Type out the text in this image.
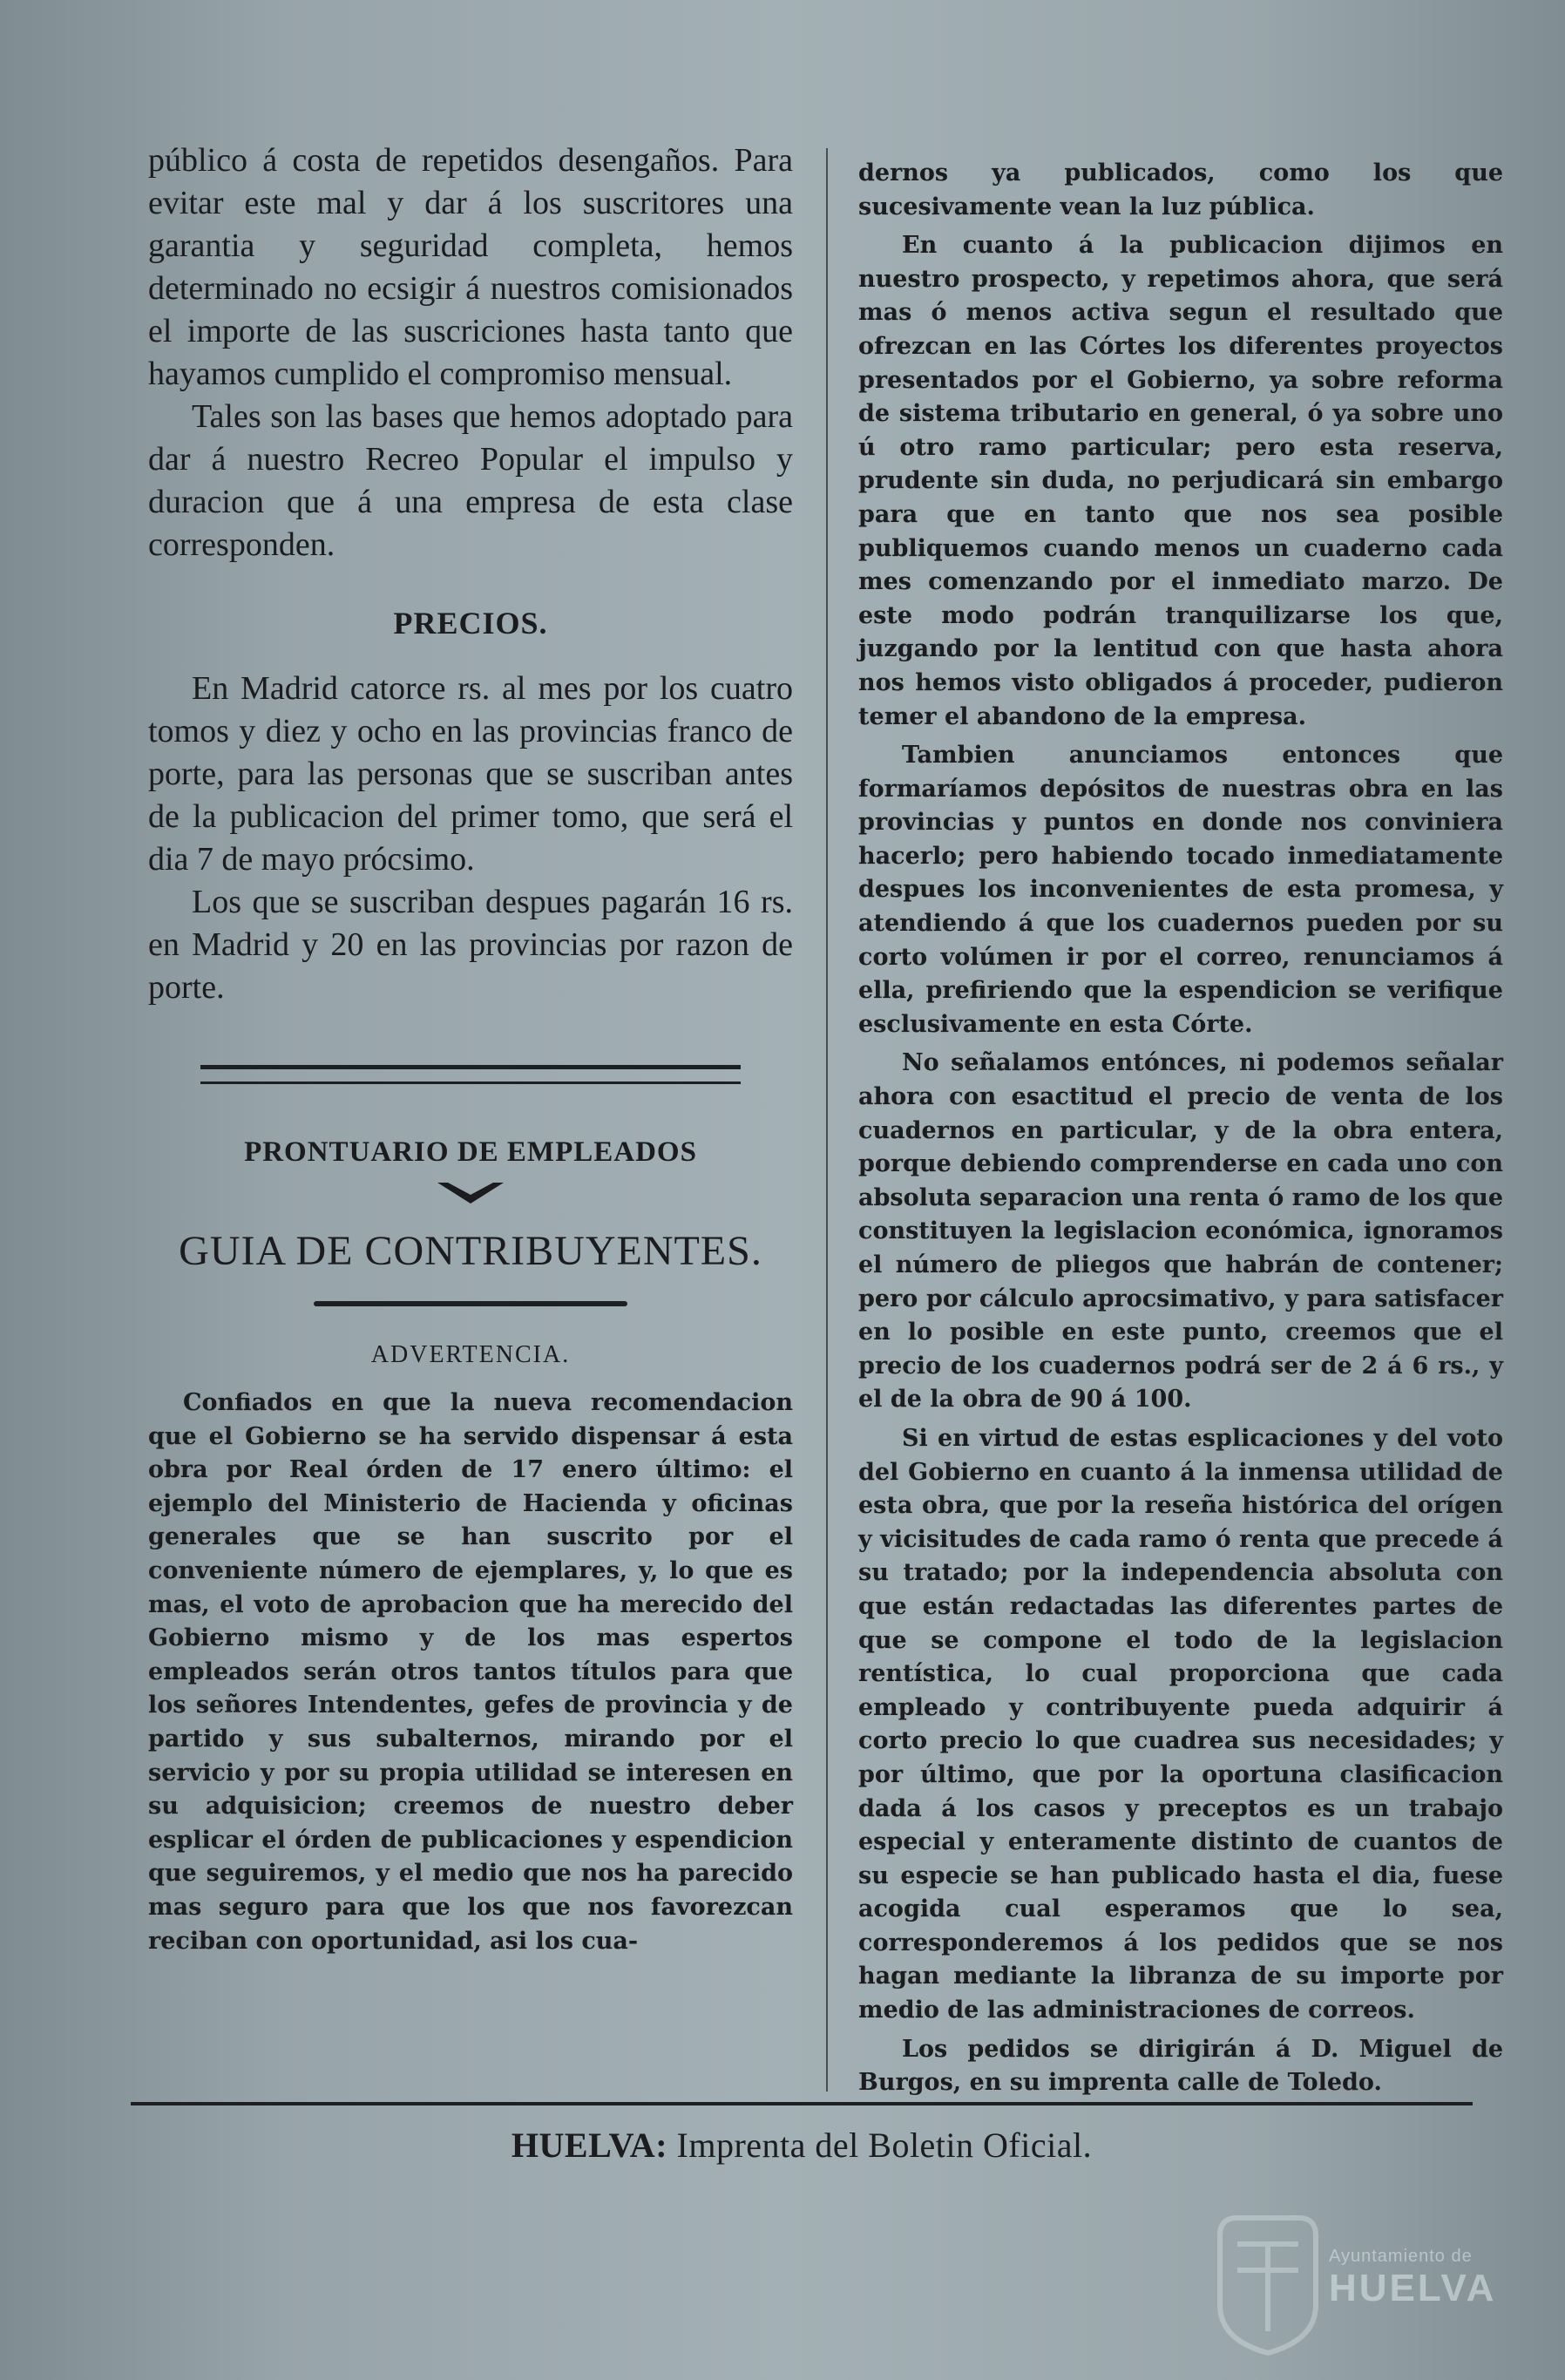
público á costa de repetidos desengaños. Para evitar este mal y dar á los suscritores una garantia y seguridad completa, hemos determinado no ecsigir á nuestros comisionados el importe de las suscriciones hasta tanto que hayamos cumplido el compromiso mensual.

Tales son las bases que hemos adoptado para dar á nuestro Recreo Popular el impulso y duracion que á una empresa de esta clase corresponden.

PRECIOS.

En Madrid catorce rs. al mes por los cuatro tomos y diez y ocho en las provincias franco de porte, para las personas que se suscriban antes de la publicacion del primer tomo, que será el dia 7 de mayo prócsimo.

Los que se suscriban despues pagarán 16 rs. en Madrid y 20 en las provincias por razon de porte.

PRONTUARIO DE EMPLEADOS
GUIA DE CONTRIBUYENTES.
ADVERTENCIA.

Confiados en que la nueva recomendacion que el Gobierno se ha servido dispensar á esta obra por Real órden de 17 enero último: el ejemplo del Ministerio de Hacienda y oficinas generales que se han suscrito por el conveniente número de ejemplares, y, lo que es mas, el voto de aprobacion que ha merecido del Gobierno mismo y de los mas espertos empleados serán otros tantos títulos para que los señores Intendentes, gefes de provincia y de partido y sus subalternos, mirando por el servicio y por su propia utilidad se interesen en su adquisicion; creemos de nuestro deber esplicar el órden de publicaciones y espendicion que seguiremos, y el medio que nos ha parecido mas seguro para que los que nos favorezcan reciban con oportunidad, asi los cua-

dernos ya publicados, como los que sucesivamente vean la luz pública.

En cuanto á la publicacion dijimos en nuestro prospecto, y repetimos ahora, que será mas ó menos activa segun el resultado que ofrezcan en las Córtes los diferentes proyectos presentados por el Gobierno, ya sobre reforma de sistema tributario en general, ó ya sobre uno ú otro ramo particular; pero esta reserva, prudente sin duda, no perjudicará sin embargo para que en tanto que nos sea posible publiquemos cuando menos un cuaderno cada mes comenzando por el inmediato marzo. De este modo podrán tranquilizarse los que, juzgando por la lentitud con que hasta ahora nos hemos visto obligados á proceder, pudieron temer el abandono de la empresa.

Tambien anunciamos entonces que formaríamos depósitos de nuestras obra en las provincias y puntos en donde nos conviniera hacerlo; pero habiendo tocado inmediatamente despues los inconvenientes de esta promesa, y atendiendo á que los cuadernos pueden por su corto volúmen ir por el correo, renunciamos á ella, prefiriendo que la espendicion se verifique esclusivamente en esta Córte.

No señalamos entónces, ni podemos señalar ahora con esactitud el precio de venta de los cuadernos en particular, y de la obra entera, porque debiendo comprenderse en cada uno con absoluta separacion una renta ó ramo de los que constituyen la legislacion económica, ignoramos el número de pliegos que habrán de contener; pero por cálculo aprocsimativo, y para satisfacer en lo posible en este punto, creemos que el precio de los cuadernos podrá ser de 2 á 6 rs., y el de la obra de 90 á 100.

Si en virtud de estas esplicaciones y del voto del Gobierno en cuanto á la inmensa utilidad de esta obra, que por la reseña histórica del orígen y vicisitudes de cada ramo ó renta que precede á su tratado; por la independencia absoluta con que están redactadas las diferentes partes de que se compone el todo de la legislacion rentística, lo cual proporciona que cada empleado y contribuyente pueda adquirir á corto precio lo que cuadrea sus necesidades; y por último, que por la oportuna clasificacion dada á los casos y preceptos es un trabajo especial y enteramente distinto de cuantos de su especie se han publicado hasta el dia, fuese acogida cual esperamos que lo sea, corresponderemos á los pedidos que se nos hagan mediante la libranza de su importe por medio de las administraciones de correos.

Los pedidos se dirigirán á D. Miguel de Burgos, en su imprenta calle de Toledo.

HUELVA: Imprenta del Boletin Oficial.
Ayuntamiento de
HUELVA
